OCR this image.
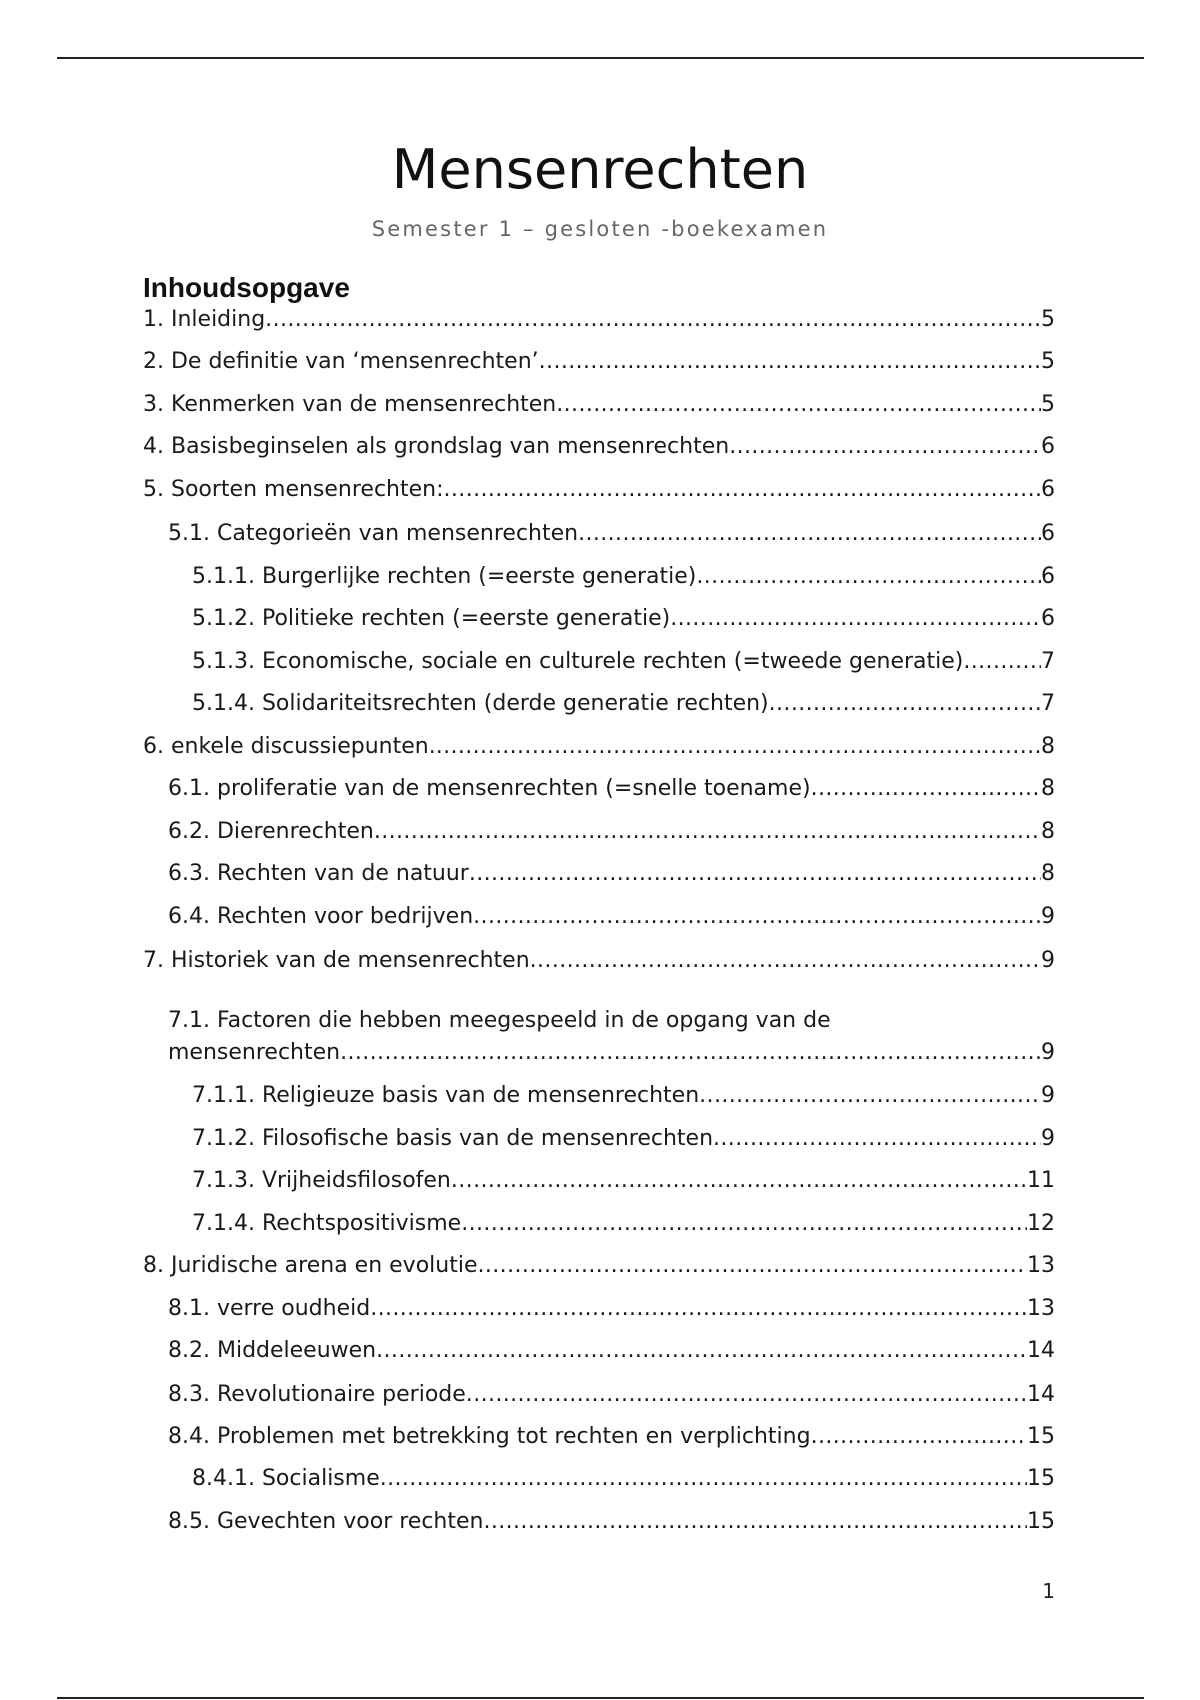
Mensenrechten
Semester 1 – gesloten -boekexamen
Inhoudsopgave
1. Inleiding .....	5
2. De definitie van ‘mensenrechten’ .....	5
3. Kenmerken van de mensenrechten .....	5
4. Basisbeginselen als grondslag van mensenrechten .....	6
5. Soorten mensenrechten: .....	6
5.1. Categorieën van mensenrechten .....	6
5.1.1. Burgerlijke rechten (=eerste generatie) .....	6
5.1.2. Politieke rechten (=eerste generatie) .....	6
5.1.3. Economische, sociale en culturele rechten (=tweede generatie) .....	7
5.1.4. Solidariteitsrechten (derde generatie rechten) .....	7
6. enkele discussiepunten. .....	8
6.1. proliferatie van de mensenrechten (=snelle toename) .....	8
6.2. Dierenrechten .....	8
6.3. Rechten van de natuur .....	8
6.4. Rechten voor bedrijven .....	9
7. Historiek van de mensenrechten .....	9
7.1. Factoren die hebben meegespeeld in de opgang van de
mensenrechten .....	9
7.1.1. Religieuze basis van de mensenrechten .....	9
7.1.2. Filosofische basis van de mensenrechten .....	9
7.1.3. Vrijheidsfilosofen .....	11
7.1.4. Rechtspositivisme .....	12
8. Juridische arena en evolutie .....	13
8.1. verre oudheid .....	13
8.2. Middeleeuwen .....	14
8.3. Revolutionaire periode .....	14
8.4. Problemen met betrekking tot rechten en verplichting .....	15
8.4.1. Socialisme .....	15
8.5. Gevechten voor rechten .....	15
1
